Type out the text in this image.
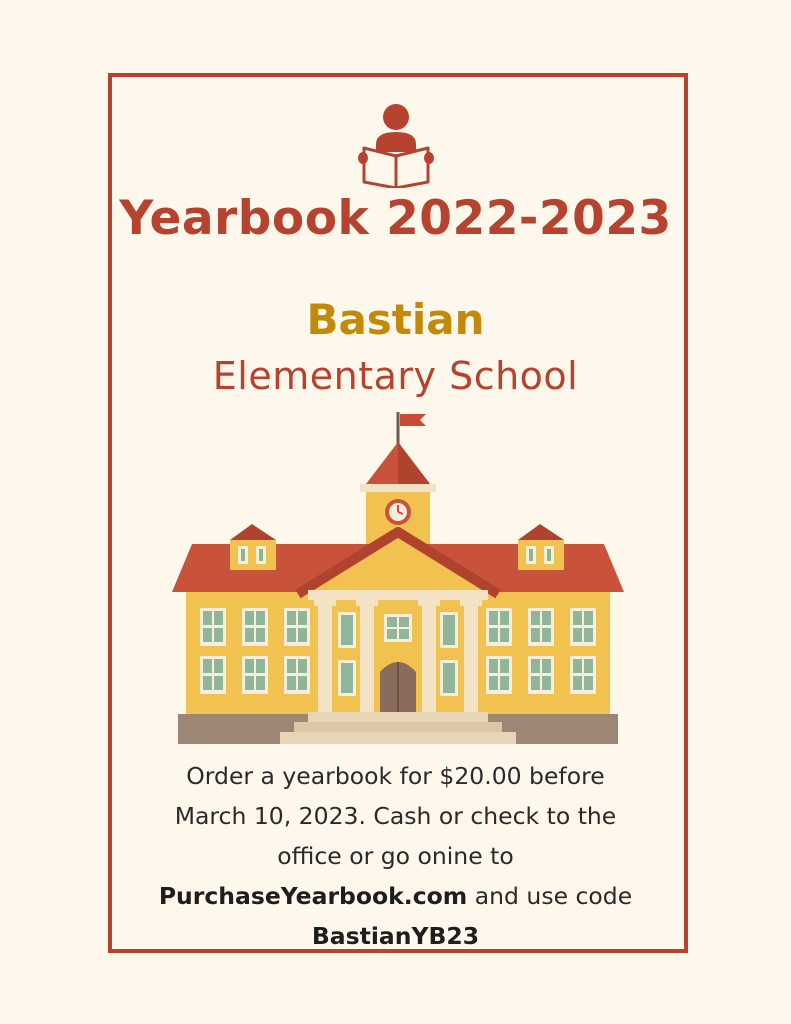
Yearbook 2022-2023
Bastian
Elementary School
Order a yearbook for $20.00 before
March 10, 2023. Cash or check to the
office or go onine to
PurchaseYearbook.com and use code
BastianYB23
